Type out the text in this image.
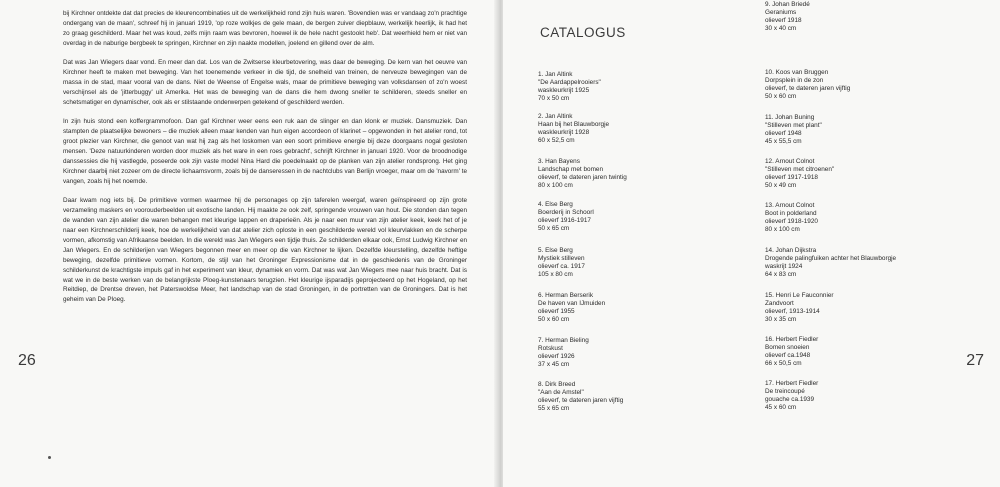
bij Kirchner ontdekte dat dat precies de kleurencombinaties uit de werkelijkheid rond zijn huis waren. 'Bovendien was er vandaag zo'n prachtige ondergang van de maan', schreef hij in januari 1919, 'op roze wolkjes de gele maan, de bergen zuiver diepblauw, werkelijk heerlijk, ik had het zo graag geschilderd. Maar het was koud, zelfs mijn raam was bevroren, hoewel ik de hele nacht gestookt heb'. Dat weerhield hem er niet van overdag in de naburige bergbeek te springen, Kirchner en zijn naakte modellen, joelend en gillend over de alm.

Dat was Jan Wiegers daar vond. En meer dan dat. Los van de Zwitserse kleurbetovering, was daar de beweging. De kern van het oeuvre van Kirchner heeft te maken met beweging. Van het toenemende verkeer in die tijd, de snelheid van treinen, de nerveuze bewegingen van de massa in de stad, maar vooral van de dans. Niet de Weense of Engelse wals, maar de primitieve beweging van volksdansen of zo'n woest verschijnsel als de 'jitterbuggy' uit Amerika. Het was de beweging van de dans die hem dwong sneller te schilderen, steeds sneller en schetsmatiger en dynamischer, ook als er stilstaande onderwerpen getekend of geschilderd werden.

In zijn huis stond een koffergrammofoon. Dan gaf Kirchner weer eens een ruk aan de slinger en dan klonk er muziek. Dansmuziek. Dan stampten de plaatselijke bewoners – die muziek alleen maar kenden van hun eigen accordeon of klarinet – opgewonden in het atelier rond, tot groot plezier van Kirchner, die genoot van wat hij zag als het loskomen van een soort primitieve energie bij deze doorgaans nogal gesloten mensen. 'Deze natuurkinderen worden door muziek als het ware in een roes gebracht', schrijft Kirchner in januari 1920. Voor de broodnodige danssessies die hij vastlegde, poseerde ook zijn vaste model Nina Hard die poedelnaakt op de planken van zijn atelier rondsprong. Het ging Kirchner daarbij niet zozeer om de directe lichaamsvorm, zoals bij de danseressen in de nachtclubs van Berlijn vroeger, maar om de 'navorm' te vangen, zoals hij het noemde.

Daar kwam nog iets bij. De primitieve vormen waarmee hij de personages op zijn taferelen weergaf, waren geïnspireerd op zijn grote verzameling maskers en voorouderbeelden uit exotische landen. Hij maakte ze ook zelf, springende vrouwen van hout. Die stonden dan tegen de wanden van zijn atelier die waren behangen met kleurige lappen en draperieën. Als je naar een muur van zijn atelier keek, keek het of je naar een Kirchnerschilderij keek, hoe de werkelijkheid van dat atelier zich oploste in een geschilderde wereld vol kleurvlakken en de scherpe vormen, afkomstig van Afrikaanse beelden. In die wereld was Jan Wiegers een tijdje thuis. Ze schilderden elkaar ook, Ernst Ludwig Kirchner en Jan Wiegers. En de schilderijen van Wiegers begonnen meer en meer op die van Kirchner te lijken. Dezelfde kleurstelling, dezelfde heftige beweging, dezelfde primitieve vormen. Kortom, de stijl van het Groninger Expressionisme dat in de geschiedenis van de Groninger schilderkunst de krachtigste impuls gaf in het experiment van kleur, dynamiek en vorm. Dat was wat Jan Wiegers mee naar huis bracht. Dat is wat we in de beste werken van de belangrijkste Ploeg-kunstenaars terugzien. Het kleurige ijsparadijs geprojecteerd op het Hogeland, op het Reitdiep, de Drentse dreven, het Paterswoldse Meer, het landschap van de stad Groningen, in de portretten van de Groningers. Dat is het geheim van De Ploeg.

26
CATALOGUS
1. Jan Altink
"De Aardappelrooiers"
waskleurkrijt 1925
70 x 50 cm
2. Jan Altink
Haan bij het Blauwborgje
waskleurkrijt 1928
60 x 52,5 cm
3. Han Bayens
Landschap met bomen
olieverf, te dateren jaren twintig
80 x 100 cm
4. Else Berg
Boerderij in Schoorl
olieverf 1916-1917
50 x 65 cm
5. Else Berg
Mystiek stilleven
olieverf ca. 1917
105 x 80 cm
6. Herman Berserik
De haven van IJmuiden
olieverf 1955
50 x 60 cm
7. Herman Bieling
Rotskust
olieverf 1926
37 x 45 cm
8. Dirk Breed
"Aan de Amstel"
olieverf, te dateren jaren vijftig
55 x 65 cm
9. Johan Briedé
Geraniums
olieverf 1918
30 x 40 cm
10. Koos van Bruggen
Dorpsplein in de zon
olieverf, te dateren jaren vijftig
50 x 60 cm
11. Johan Buning
"Stilleven met plant"
olieverf 1948
45 x 55,5 cm
12. Arnout Colnot
"Stilleven met citroenen"
olieverf 1917-1918
50 x 49 cm
13. Arnout Colnot
Boot in polderland
olieverf 1918-1920
80 x 100 cm
14. Johan Dijkstra
Drogende palingfuiken achter het Blauwborgje
waskrijt 1924
64 x 83 cm
15. Henri Le Fauconnier
Zandvoort
olieverf, 1913-1914
30 x 35 cm
16. Herbert Fiedler
Bomen snoeien
olieverf ca.1948
66 x 50,5 cm
17. Herbert Fiedler
De treincoupé
gouache ca.1939
45 x 60 cm
27
